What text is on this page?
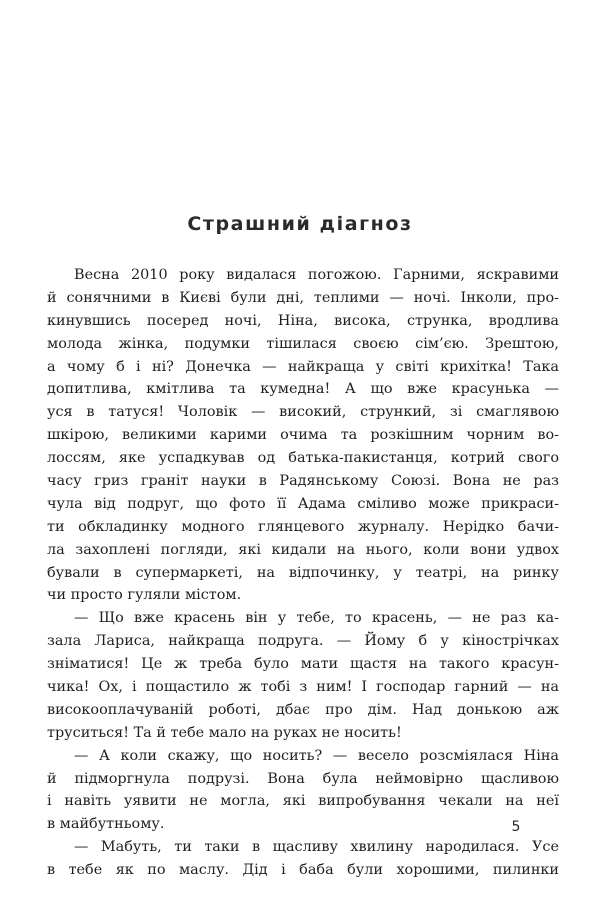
Страшний діагноз
Весна 2010 року видалася погожою. Гарними, яскравими
й сонячними в Києві були дні, теплими — ночі. Інколи, про-
кинувшись посеред ночі, Ніна, висока, струнка, вродлива
молода жінка, подумки тішилася своєю сім’єю. Зрештою,
а чому б і ні? Донечка — найкраща у світі крихітка! Така
допитлива, кмітлива та кумедна! А що вже красунька —
уся в татуся! Чоловік — високий, стрункий, зі смаглявою
шкірою, великими карими очима та розкішним чорним во-
лоссям, яке успадкував од батька-пакистанця, котрий свого
часу гриз граніт науки в Радянському Союзі. Вона не раз
чула від подруг, що фото її Адама сміливо може прикраси-
ти обкладинку модного глянцевого журналу. Нерідко бачи-
ла захоплені погляди, які кидали на нього, коли вони удвох
бували в супермаркеті, на відпочинку, у театрі, на ринку
чи просто гуляли містом.
— Що вже красень він у тебе, то красень, — не раз ка-
зала Лариса, найкраща подруга. — Йому б у кінострічках
зніматися! Це ж треба було мати щастя на такого красун-
чика! Ох, і пощастило ж тобі з ним! І господар гарний — на
високооплачуваній роботі, дбає про дім. Над донькою аж
труситься! Та й тебе мало на руках не носить!
— А коли скажу, що носить? — весело розсміялася Ніна
й підморгнула подрузі. Вона була неймовірно щасливою
і навіть уявити не могла, які випробування чекали на неї
в майбутньому.
— Мабуть, ти таки в щасливу хвилину народилася. Усе
в тебе як по маслу. Дід і баба були хорошими, пилинки
5
